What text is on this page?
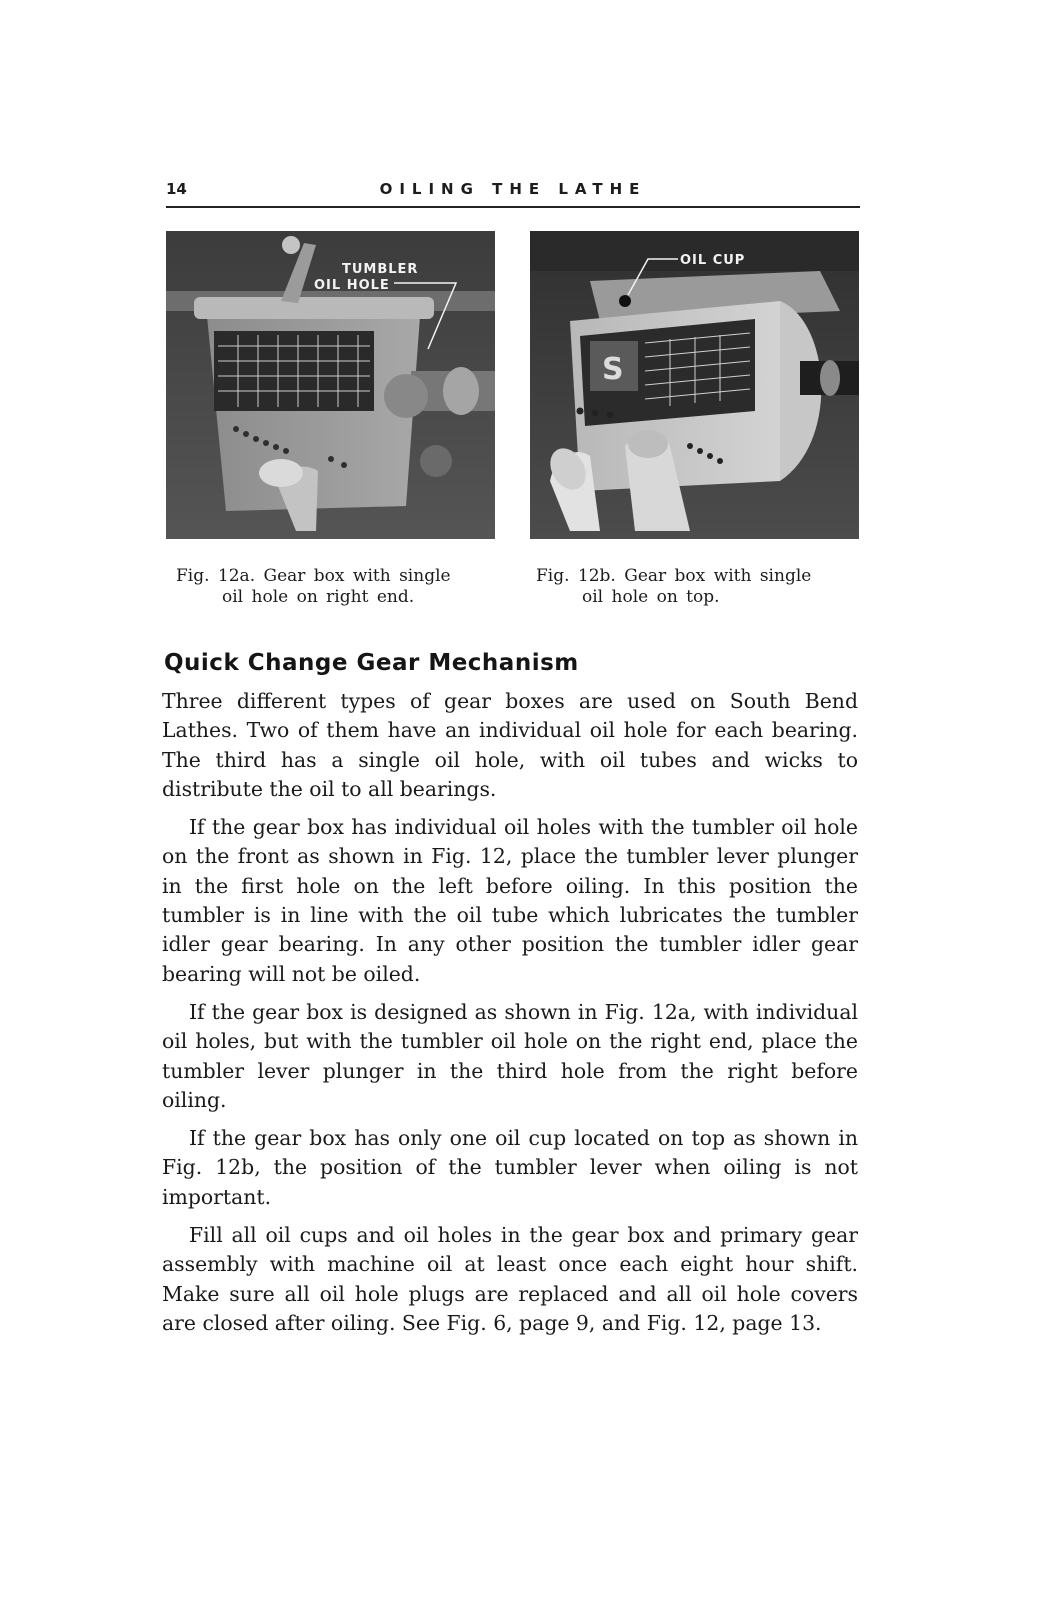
14	OILING THE LATHE
TUMBLER
OIL HOLE
S
OIL CUP
Fig. 12a. Gear box with single
oil hole on right end.
Fig. 12b. Gear box with single
oil hole on top.
Quick Change Gear Mechanism

Three different types of gear boxes are used on South Bend Lathes. Two of them have an individual oil hole for each bearing. The third has a single oil hole, with oil tubes and wicks to distribute the oil to all bearings.

If the gear box has individual oil holes with the tumbler oil hole on the front as shown in Fig. 12, place the tumbler lever plunger in the first hole on the left before oiling. In this position the tumbler is in line with the oil tube which lubricates the tumbler idler gear bearing. In any other position the tumbler idler gear bearing will not be oiled.

If the gear box is designed as shown in Fig. 12a, with individual oil holes, but with the tumbler oil hole on the right end, place the tumbler lever plunger in the third hole from the right before oiling.

If the gear box has only one oil cup located on top as shown in Fig. 12b, the position of the tumbler lever when oiling is not important.

Fill all oil cups and oil holes in the gear box and primary gear assembly with machine oil at least once each eight hour shift. Make sure all oil hole plugs are replaced and all oil hole covers are closed after oiling. See Fig. 6, page 9, and Fig. 12, page 13.
